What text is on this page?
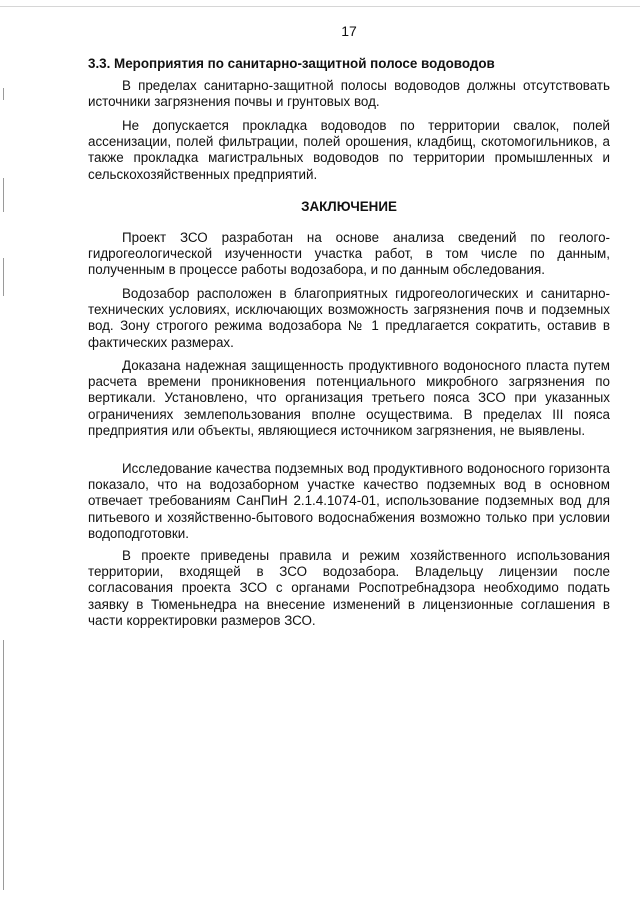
17
3.3. Мероприятия по санитарно-защитной полосе водоводов

В пределах санитарно-защитной полосы водоводов должны отсутствовать источники загрязнения почвы и грунтовых вод.

Не допускается прокладка водоводов по территории свалок, полей ассенизации, полей фильтрации, полей орошения, кладбищ, скотомогильников, а также прокладка магистральных водоводов по территории промышленных и сельскохозяйственных предприятий.

ЗАКЛЮЧЕНИЕ

Проект ЗСО разработан на основе анализа сведений по геолого-гидрогеологической изученности участка работ, в том числе по данным, полученным в процессе работы водозабора, и по данным обследования.

Водозабор расположен в благоприятных гидрогеологических и санитарно-технических условиях, исключающих возможность загрязнения почв и подземных вод. Зону строгого режима водозабора № 1 предлагается сократить, оставив в фактических размерах.

Доказана надежная защищенность продуктивного водоносного пласта путем расчета времени проникновения потенциального микробного загрязнения по вертикали. Установлено, что организация третьего пояса ЗСО при указанных ограничениях землепользования вполне осуществима. В пределах III пояса предприятия или объекты, являющиеся источником загрязнения, не выявлены.

Исследование качества подземных вод продуктивного водоносного горизонта показало, что на водозаборном участке качество подземных вод в основном отвечает требованиям СанПиН 2.1.4.1074-01, использование подземных вод для питьевого и хозяйственно-бытового водоснабжения возможно только при условии водоподготовки.

В проекте приведены правила и режим хозяйственного использования территории, входящей в ЗСО водозабора. Владельцу лицензии после согласования проекта ЗСО с органами Роспотребнадзора необходимо подать заявку в Тюменьнедра на внесение изменений в лицензионные соглашения в части корректировки размеров ЗСО.
